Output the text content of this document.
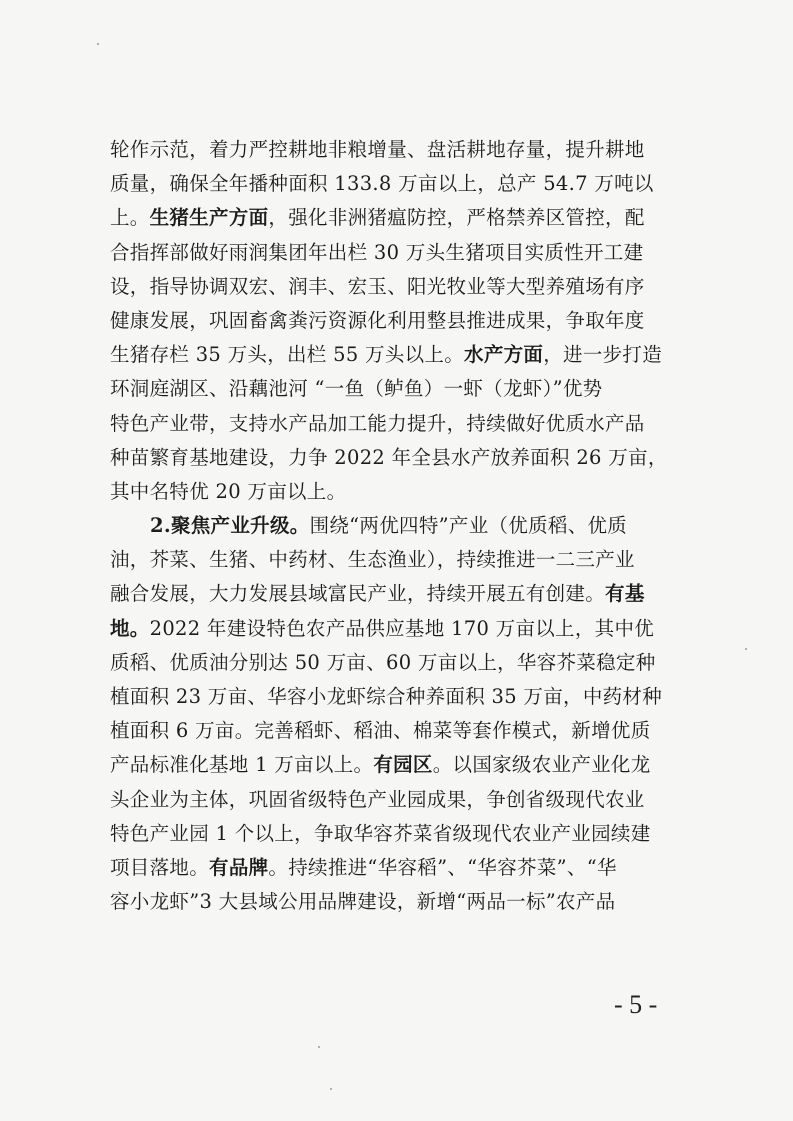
轮作示范，着力严控耕地非粮增量、盘活耕地存量，提升耕地
质量，确保全年播种面积 133.8 万亩以上，总产 54.7 万吨以
上。生猪生产方面，强化非洲猪瘟防控，严格禁养区管控，配
合指挥部做好雨润集团年出栏 30 万头生猪项目实质性开工建
设，指导协调双宏、润丰、宏玉、阳光牧业等大型养殖场有序
健康发展，巩固畜禽粪污资源化利用整县推进成果，争取年度
生猪存栏 35 万头，出栏 55 万头以上。水产方面，进一步打造
环洞庭湖区、沿藕池河 “一鱼（鲈鱼）一虾（龙虾）”优势
特色产业带，支持水产品加工能力提升，持续做好优质水产品
种苗繁育基地建设，力争 2022 年全县水产放养面积 26 万亩，
其中名特优 20 万亩以上。
2.聚焦产业升级。围绕“两优四特”产业（优质稻、优质
油，芥菜、生猪、中药材、生态渔业），持续推进一二三产业
融合发展，大力发展县域富民产业，持续开展五有创建。有基
地。2022 年建设特色农产品供应基地 170 万亩以上，其中优
质稻、优质油分别达 50 万亩、60 万亩以上，华容芥菜稳定种
植面积 23 万亩、华容小龙虾综合种养面积 35 万亩，中药材种
植面积 6 万亩。完善稻虾、稻油、棉菜等套作模式，新增优质
产品标准化基地 1 万亩以上。有园区。以国家级农业产业化龙
头企业为主体，巩固省级特色产业园成果，争创省级现代农业
特色产业园 1 个以上，争取华容芥菜省级现代农业产业园续建
项目落地。有品牌。持续推进“华容稻”、“华容芥菜”、“华
容小龙虾”3 大县域公用品牌建设，新增“两品一标”农产品
- 5 -
